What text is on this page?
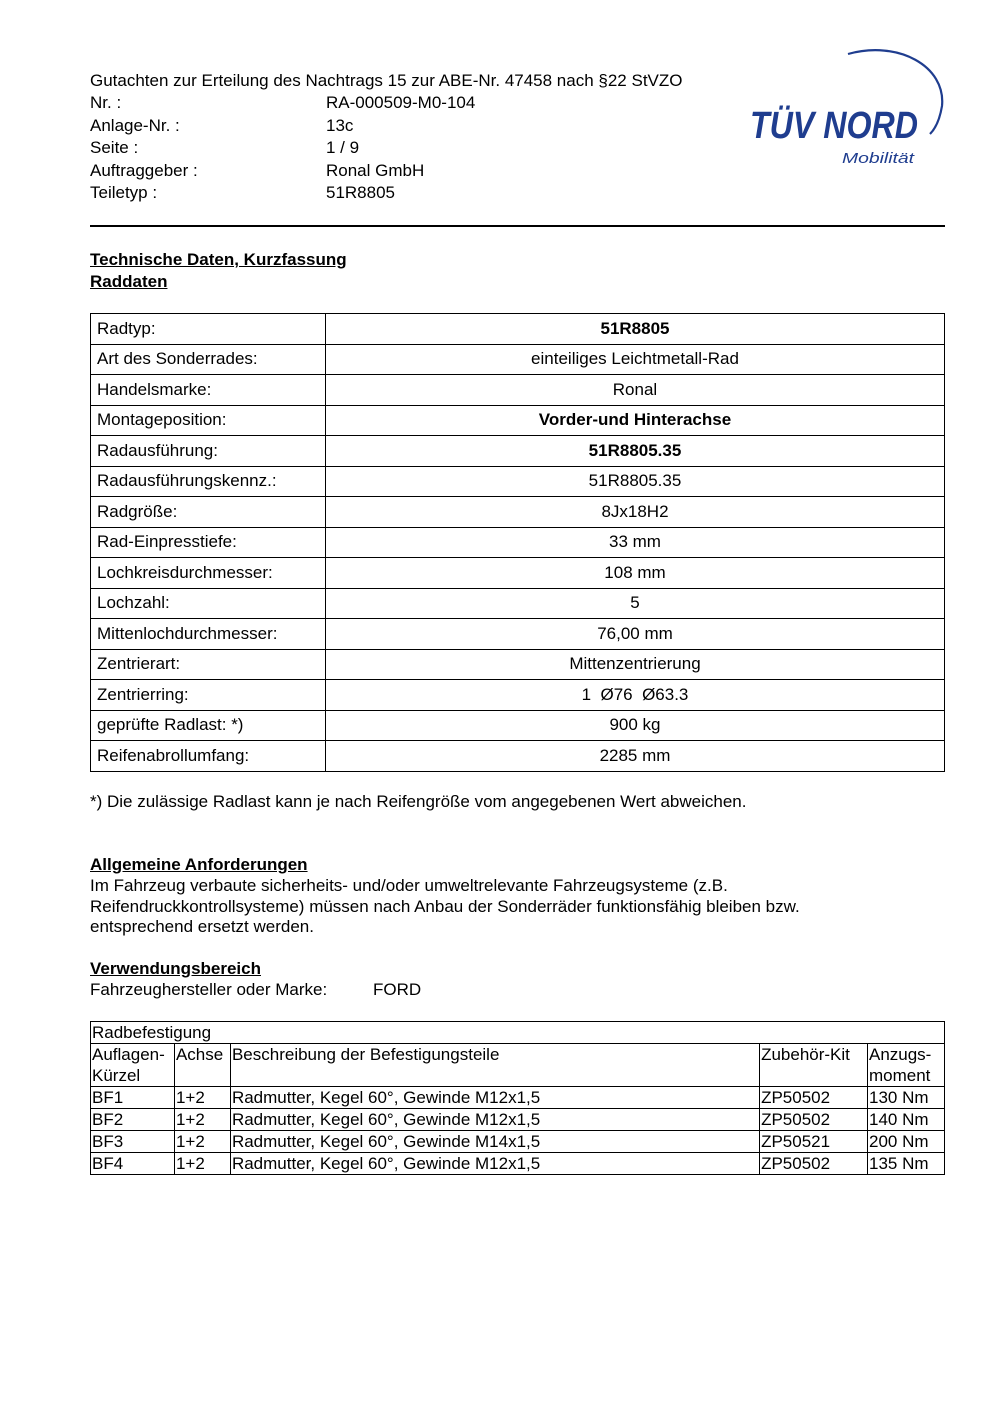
Gutachten zur Erteilung des Nachtrags 15 zur ABE-Nr. 47458 nach §22 StVZO
Nr. :	RA-000509-M0-104
Anlage-Nr. :	13c
Seite :	1 / 9
Auftraggeber :	Ronal GmbH
Teiletyp :	51R8805
TÜV NORD
Mobilität
Technische Daten, Kurzfassung
Raddaten
Radtyp:	51R8805
Art des Sonderrades:	einteiliges Leichtmetall-Rad
Handelsmarke:	Ronal
Montageposition:	Vorder-und Hinterachse
Radausführung:	51R8805.35
Radausführungskennz.:	51R8805.35
Radgröße:	8Jx18H2
Rad-Einpresstiefe:	33 mm
Lochkreisdurchmesser:	108 mm
Lochzahl:	5
Mittenlochdurchmesser:	76,00 mm
Zentrierart:	Mittenzentrierung
Zentrierring:	1  Ø76  Ø63.3
geprüfte Radlast: *)	900 kg
Reifenabrollumfang:	2285 mm
*) Die zulässige Radlast kann je nach Reifengröße vom angegebenen Wert abweichen.
Allgemeine Anforderungen
Im Fahrzeug verbaute sicherheits- und/oder umweltrelevante Fahrzeugsysteme (z.B.
Reifendruckkontrollsysteme) müssen nach Anbau der Sonderräder funktionsfähig bleiben bzw.
entsprechend ersetzt werden.
Verwendungsbereich
Fahrzeughersteller oder Marke:	FORD
Radbefestigung				
Auflagen-
Kürzel	Achse	Beschreibung der Befestigungsteile	Zubehör-Kit	Anzugs-
moment
BF1	1+2	Radmutter, Kegel 60°, Gewinde M12x1,5	ZP50502	130 Nm
BF2	1+2	Radmutter, Kegel 60°, Gewinde M12x1,5	ZP50502	140 Nm
BF3	1+2	Radmutter, Kegel 60°, Gewinde M14x1,5	ZP50521	200 Nm
BF4	1+2	Radmutter, Kegel 60°, Gewinde M12x1,5	ZP50502	135 Nm
